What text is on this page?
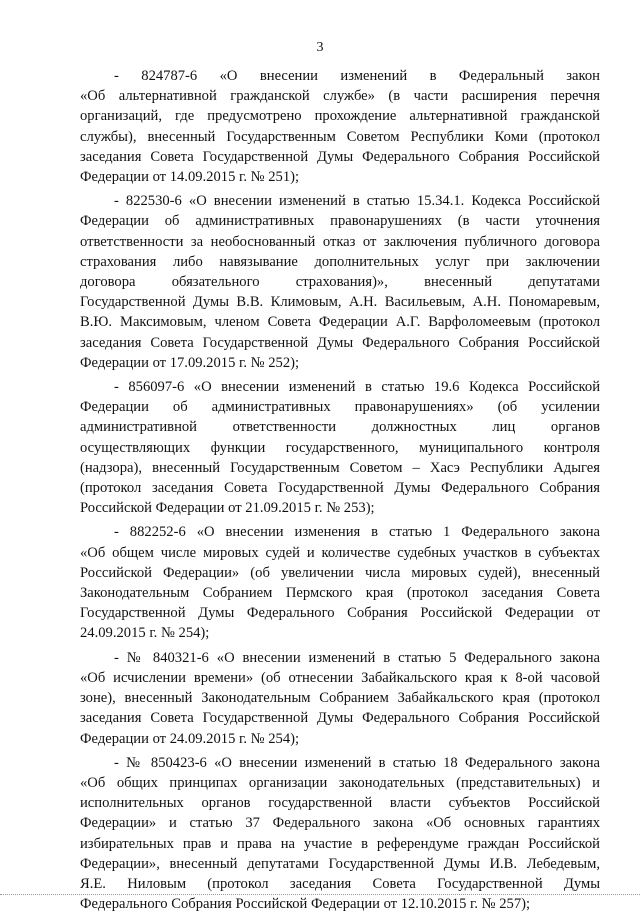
3

- 824787-6 «О внесении изменений в Федеральный закон
«Об альтернативной гражданской службе» (в части расширения перечня
организаций, где предусмотрено прохождение альтернативной гражданской
службы), внесенный Государственным Советом Республики Коми (протокол
заседания Совета Государственной Думы Федерального Собрания Российской
Федерации от 14.09.2015 г. № 251);

- 822530-6 «О внесении изменений в статью 15.34.1. Кодекса Российской
Федерации об административных правонарушениях (в части уточнения
ответственности за необоснованный отказ от заключения публичного договора
страхования либо навязывание дополнительных услуг при заключении
договора обязательного страхования)», внесенный депутатами
Государственной Думы В.В. Климовым, А.Н. Васильевым, А.Н. Пономаревым,
В.Ю. Максимовым, членом Совета Федерации А.Г. Варфоломеевым (протокол
заседания Совета Государственной Думы Федерального Собрания Российской
Федерации от 17.09.2015 г. № 252);

- 856097-6 «О внесении изменений в статью 19.6 Кодекса Российской
Федерации об административных правонарушениях» (об усилении
административной ответственности должностных лиц органов
осуществляющих функции государственного, муниципального контроля
(надзора), внесенный Государственным Советом – Хасэ Республики Адыгея
(протокол заседания Совета Государственной Думы Федерального Собрания
Российской Федерации от 21.09.2015 г. № 253);

- 882252-6 «О внесении изменения в статью 1 Федерального закона
«Об общем числе мировых судей и количестве судебных участков в субъектах
Российской Федерации» (об увеличении числа мировых судей), внесенный
Законодательным Собранием Пермского края (протокол заседания Совета
Государственной Думы Федерального Собрания Российской Федерации от
24.09.2015 г. № 254);

- № 840321-6 «О внесении изменений в статью 5 Федерального закона
«Об исчислении времени» (об отнесении Забайкальского края к 8-ой часовой
зоне), внесенный Законодательным Собранием Забайкальского края (протокол
заседания Совета Государственной Думы Федерального Собрания Российской
Федерации от 24.09.2015 г. № 254);

- № 850423-6 «О внесении изменений в статью 18 Федерального закона
«Об общих принципах организации законодательных (представительных) и
исполнительных органов государственной власти субъектов Российской
Федерации» и статью 37 Федерального закона «Об основных гарантиях
избирательных прав и права на участие в референдуме граждан Российской
Федерации», внесенный депутатами Государственной Думы И.В. Лебедевым,
Я.Е. Ниловым (протокол заседания Совета Государственной Думы
Федерального Собрания Российской Федерации от 12.10.2015 г. № 257);
